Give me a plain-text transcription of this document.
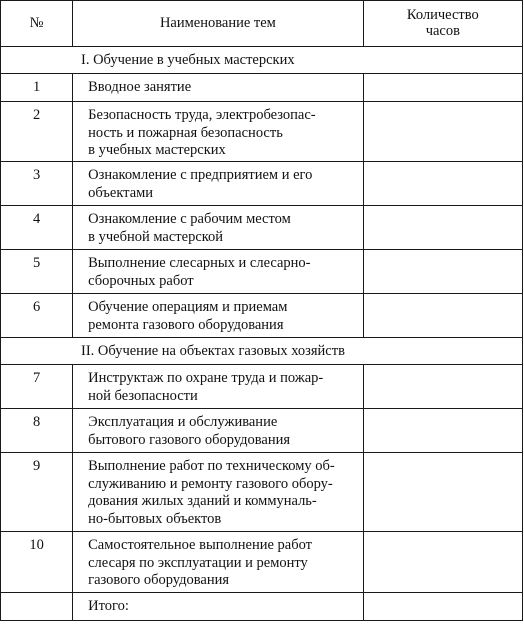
№	Наименование тем	Количество
часов

I. Обучение в учебных мастерских		
1	Вводное занятие	

2	Безопасность труда, электробезопас-
ность и пожарная безопасность
в учебных мастерских	

3	Ознакомление с предприятием и его
объектами	

4	Ознакомление с рабочим местом
в учебной мастерской	

5	Выполнение слесарных и слесарно-
сборочных работ	

6	Обучение операциям и приемам
ремонта газового оборудования	

II. Обучение на объектах газовых хозяйств		
7	Инструктаж по охране труда и пожар-
ной безопасности	

8	Эксплуатация и обслуживание
бытового газового оборудования	

9	Выполнение работ по техническому об-
служиванию и ремонту газового обору-
дования жилых зданий и коммуналь-
но-бытовых объектов	

10	Самостоятельное выполнение работ
слесаря по эксплуатации и ремонту
газового оборудования	

	Итого:	
